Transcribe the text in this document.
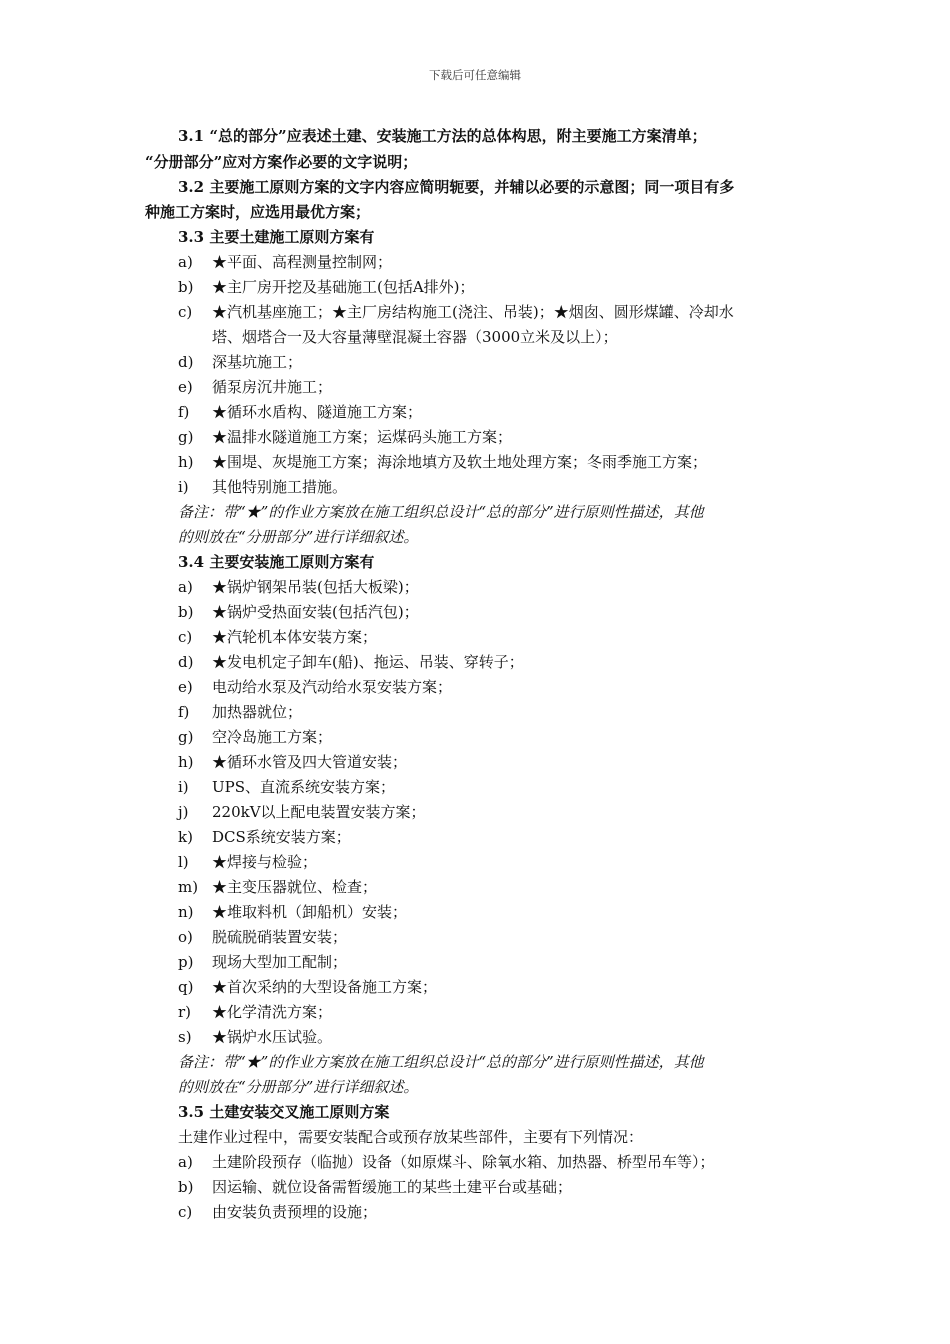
下载后可任意编辑
3.1 “总的部分”应表述土建、安装施工方法的总体构思，附主要施工方案清单；
“分册部分”应对方案作必要的文字说明；
3.2 主要施工原则方案的文字内容应简明轭要，并辅以必要的示意图；同一项目有多
种施工方案时，应选用最优方案；
3.3 主要土建施工原则方案有
a) ★平面、高程测量控制网；
b) ★主厂房开挖及基础施工(包括A排外)；
c) ★汽机基座施工；★主厂房结构施工(浇注、吊装)；★烟囱、圆形煤罐、冷却水
塔、烟塔合一及大容量薄壁混凝土容器（3000立米及以上）；
d) 深基坑施工；
e) 循泵房沉井施工；
f) ★循环水盾构、隧道施工方案；
g) ★温排水隧道施工方案；运煤码头施工方案；
h) ★围堤、灰堤施工方案；海涂地填方及软土地处理方案；冬雨季施工方案；
i) 其他特别施工措施。
备注：带“★”的作业方案放在施工组织总设计“总的部分”进行原则性描述，其他
的则放在“分册部分”进行详细叙述。
3.4 主要安装施工原则方案有
a) ★锅炉钢架吊装(包括大板梁)；
b) ★锅炉受热面安装(包括汽包)；
c) ★汽轮机本体安装方案；
d) ★发电机定子卸车(船)、拖运、吊装、穿转子；
e) 电动给水泵及汽动给水泵安装方案；
f) 加热器就位；
g) 空冷岛施工方案；
h) ★循环水管及四大管道安装；
i) UPS、直流系统安装方案；
j) 220kV以上配电装置安装方案；
k) DCS系统安装方案；
l) ★焊接与检验；
m) ★主变压器就位、检查；
n) ★堆取料机（卸船机）安装；
o) 脱硫脱硝装置安装；
p) 现场大型加工配制；
q) ★首次采纳的大型设备施工方案；
r) ★化学清洗方案；
s) ★锅炉水压试验。
备注：带“★”的作业方案放在施工组织总设计“总的部分”进行原则性描述，其他
的则放在“分册部分”进行详细叙述。
3.5 土建安装交叉施工原则方案
土建作业过程中，需要安装配合或预存放某些部件，主要有下列情况：
a) 土建阶段预存（临抛）设备（如原煤斗、除氧水箱、加热器、桥型吊车等）；
b) 因运输、就位设备需暂缓施工的某些土建平台或基础；
c) 由安装负责预埋的设施；
